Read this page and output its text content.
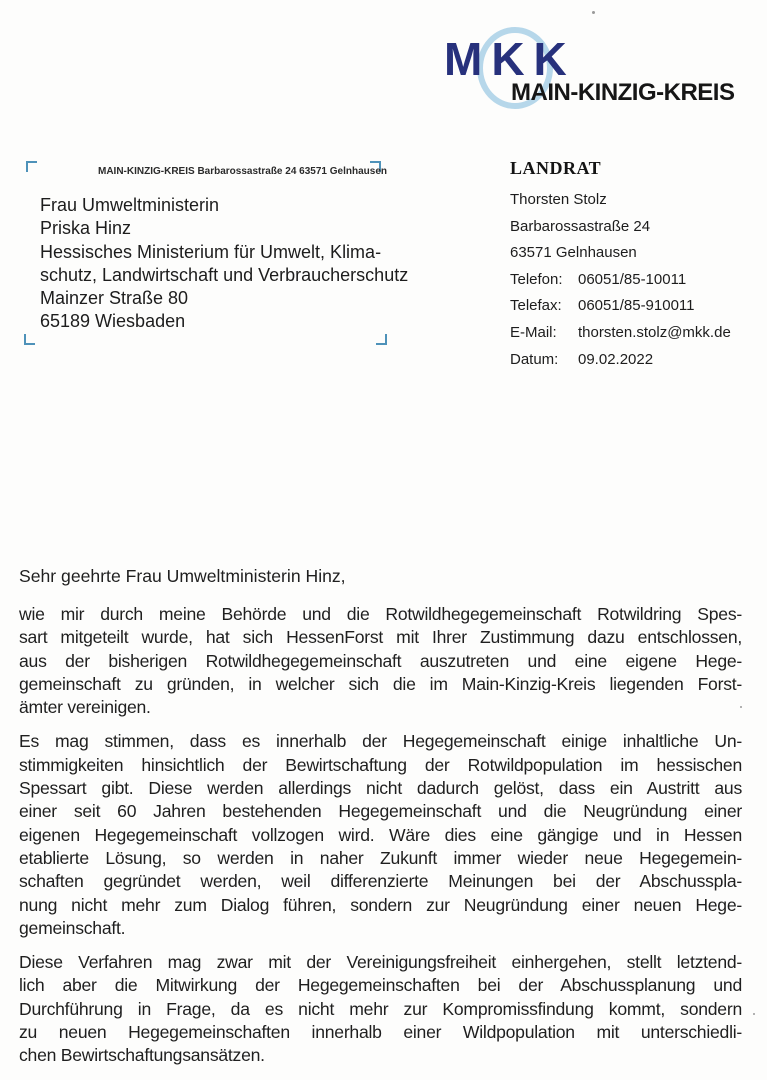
MKK
MAIN-KINZIG-KREIS
MAIN-KINZIG-KREIS Barbarossastraße 24 63571 Gelnhausen
Frau Umweltministerin
Priska Hinz
Hessisches Ministerium für Umwelt, Klima-
schutz, Landwirtschaft und Verbraucherschutz
Mainzer Straße 80
65189 Wiesbaden
LANDRAT
Thorsten Stolz
Barbarossastraße 24
63571 Gelnhausen
Telefon: 06051/85-10011
Telefax: 06051/85-910011
E-Mail: thorsten.stolz@mkk.de
Datum: 09.02.2022
Sehr geehrte Frau Umweltministerin Hinz,
wie mir durch meine Behörde und die Rotwildhegegemeinschaft Rotwildring Spes-
sart mitgeteilt wurde, hat sich HessenForst mit Ihrer Zustimmung dazu entschlossen,
aus der bisherigen Rotwildhegegemeinschaft auszutreten und eine eigene Hege-
gemeinschaft zu gründen, in welcher sich die im Main-Kinzig-Kreis liegenden Forst-
ämter vereinigen.
Es mag stimmen, dass es innerhalb der Hegegemeinschaft einige inhaltliche Un-
stimmigkeiten hinsichtlich der Bewirtschaftung der Rotwildpopulation im hessischen
Spessart gibt. Diese werden allerdings nicht dadurch gelöst, dass ein Austritt aus
einer seit 60 Jahren bestehenden Hegegemeinschaft und die Neugründung einer
eigenen Hegegemeinschaft vollzogen wird. Wäre dies eine gängige und in Hessen
etablierte Lösung, so werden in naher Zukunft immer wieder neue Hegegemein-
schaften gegründet werden, weil differenzierte Meinungen bei der Abschusspla-
nung nicht mehr zum Dialog führen, sondern zur Neugründung einer neuen Hege-
gemeinschaft.
Diese Verfahren mag zwar mit der Vereinigungsfreiheit einhergehen, stellt letztend-
lich aber die Mitwirkung der Hegegemeinschaften bei der Abschussplanung und
Durchführung in Frage, da es nicht mehr zur Kompromissfindung kommt, sondern
zu neuen Hegegemeinschaften innerhalb einer Wildpopulation mit unterschiedli-
chen Bewirtschaftungsansätzen.
